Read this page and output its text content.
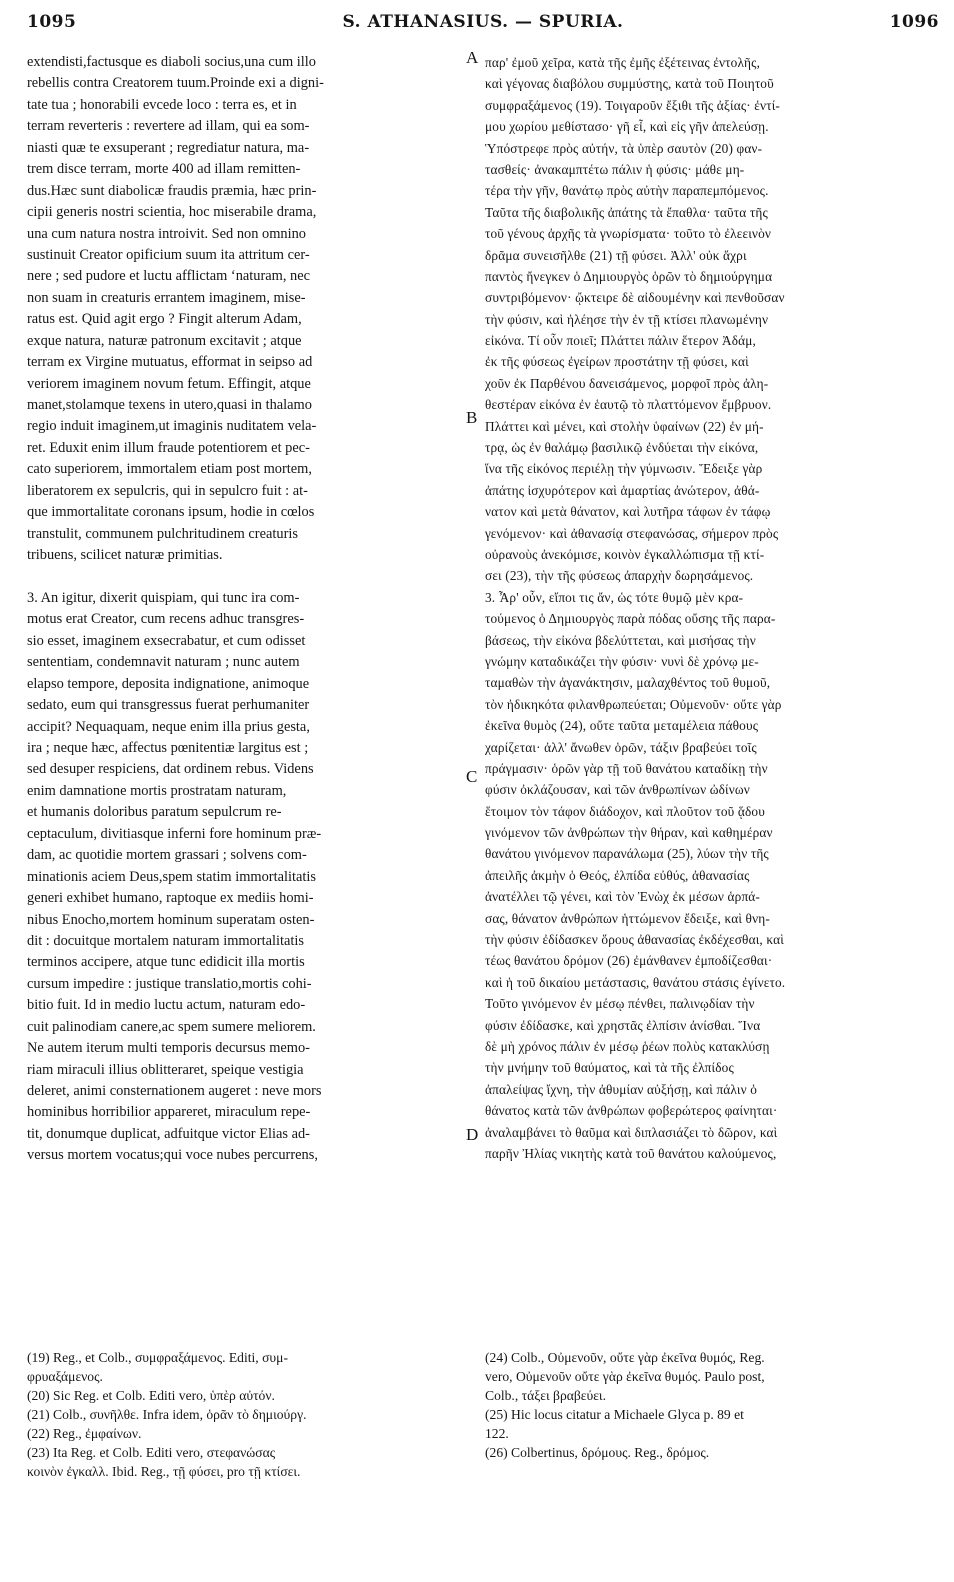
1095	S. ATHANASIUS. — SPURIA.	1096
extendisti,factusque es diaboli socius,una cum illo
rebellis contra Creatorem tuum.Proinde exi a digni-
tate tua ; honorabili evcede loco : terra es, et in
terram reverteris : revertere ad illam, qui ea som-
niasti quæ te exsuperant ; regrediatur natura, ma-
trem disce terram, morte 400 ad illam remitten-
dus.Hæc sunt diabolicæ fraudis præmia, hæc prin-
cipii generis nostri scientia, hoc miserabile drama,
una cum natura nostra introivit. Sed non omnino
sustinuit Creator opificium suum ita attritum cer-
nere ; sed pudore et luctu afflictam ʻnaturam, nec
non suam in creaturis errantem imaginem, mise-
ratus est. Quid agit ergo ? Fingit alterum Adam,
exque natura, naturæ patronum excitavit ; atque
terram ex Virgine mutuatus, efformat in seipso ad
veriorem imaginem novum fetum. Effingit, atque
manet,stolamque texens in utero,quasi in thalamo
regio induit imaginem,ut imaginis nuditatem vela-
ret. Eduxit enim illum fraude potentiorem et pec-
cato superiorem, immortalem etiam post mortem,
liberatorem ex sepulcris, qui in sepulcro fuit : at-
que immortalitate coronans ipsum, hodie in cœlos
transtulit, communem pulchritudinem creaturis
tribuens, scilicet naturæ primitias.
3. An igitur, dixerit quispiam, qui tunc ira com-
motus erat Creator, cum recens adhuc transgres-
sio esset, imaginem exsecrabatur, et cum odisset
sententiam, condemnavit naturam ; nunc autem
elapso tempore, deposita indignatione, animoque
sedato, eum qui transgressus fuerat perhumaniter
accipit? Nequaquam, neque enim illa prius gesta,
ira ; neque hæc, affectus pœnitentiæ largitus est ;
sed desuper respiciens, dat ordinem rebus. Videns
enim damnatione mortis prostratam naturam,
et humanis doloribus paratum sepulcrum re-
ceptaculum, divitiasque inferni fore hominum præ-
dam, ac quotidie mortem grassari ; solvens com-
minationis aciem Deus,spem statim immortalitatis
generi exhibet humano, raptoque ex mediis homi-
nibus Enocho,mortem hominum superatam osten-
dit : docuitque mortalem naturam immortalitatis
terminos accipere, atque tunc edidicit illa mortis
cursum impedire : justique translatio,mortis cohi-
bitio fuit. Id in medio luctu actum, naturam edo-
cuit palinodiam canere,ac spem sumere meliorem.
Ne autem iterum multi temporis decursus memo-
riam miraculi illius oblitteraret, speique vestigia
deleret, animi consternationem augeret : neve mors
hominibus horribilior appareret, miraculum repe-
tit, donumque duplicat, adfuitque victor Elias ad-
versus mortem vocatus;qui voce nubes percurrens,
παρ' ἐμοῦ χεῖρα, κατὰ τῆς ἐμῆς ἐξέτεινας ἐντολῆς,
καὶ γέγονας διαβόλου συμμύστης, κατὰ τοῦ Ποιητοῦ
συμφραξάμενος (19). Τοιγαροῦν ἔξιθι τῆς ἀξίας· ἐντί-
μου χωρίου μεθίστασο· γῆ εἶ, καὶ εἰς γῆν ἀπελεύσῃ.
Ὑπόστρεφε πρὸς αὐτήν, τὰ ὑπὲρ σαυτὸν (20) φαν-
τασθείς· ἀνακαμπτέτω πάλιν ἡ φύσις· μάθε μη-
τέρα τὴν γῆν, θανάτῳ πρὸς αὐτὴν παραπεμπόμενος.
Ταῦτα τῆς διαβολικῆς ἀπάτης τὰ ἔπαθλα· ταῦτα τῆς
τοῦ γένους ἀρχῆς τὰ γνωρίσματα· τοῦτο τὸ ἐλεεινὸν
δρᾶμα συνεισῆλθε (21) τῇ φύσει. Ἀλλ' οὐκ ἄχρι
παντὸς ἤνεγκεν ὁ Δημιουργὸς ὁρῶν τὸ δημιούργημα
συντριβόμενον· ᾤκτειρε δὲ αἰδουμένην καὶ πενθοῦσαν
τὴν φύσιν, καὶ ἠλέησε τὴν ἐν τῇ κτίσει πλανωμένην
εἰκόνα. Τί οὖν ποιεῖ; Πλάττει πάλιν ἕτερον Ἀδάμ,
ἐκ τῆς φύσεως ἐγείρων προστάτην τῇ φύσει, καὶ
χοῦν ἐκ Παρθένου δανεισάμενος, μορφοῖ πρὸς ἀλη-
θεστέραν εἰκόνα ἐν ἑαυτῷ τὸ πλαττόμενον ἔμβρυον.
Πλάττει καὶ μένει, καὶ στολὴν ὑφαίνων (22) ἐν μή-
τρᾳ, ὡς ἐν θαλάμῳ βασιλικῷ ἐνδύεται τὴν εἰκόνα,
ἵνα τῆς εἰκόνος περιέλῃ τὴν γύμνωσιν. Ἔδειξε γὰρ
ἀπάτης ἰσχυρότερον καὶ ἁμαρτίας ἀνώτερον, ἀθά-
νατον καὶ μετὰ θάνατον, καὶ λυτῆρα τάφων ἐν τάφῳ
γενόμενον· καὶ ἀθανασίᾳ στεφανώσας, σήμερον πρὸς
οὐρανοὺς ἀνεκόμισε, κοινὸν ἐγκαλλώπισμα τῇ κτί-
σει (23), τὴν τῆς φύσεως ἀπαρχὴν δωρησάμενος.
3. Ἆρ' οὖν, εἴποι τις ἄν, ὡς τότε θυμῷ μὲν κρα-
τούμενος ὁ Δημιουργὸς παρὰ πόδας οὔσης τῆς παρα-
βάσεως, τὴν εἰκόνα βδελύττεται, καὶ μισήσας τὴν
γνώμην καταδικάζει τὴν φύσιν· νυνὶ δὲ χρόνῳ με-
ταμαθὼν τὴν ἀγανάκτησιν, μαλαχθέντος τοῦ θυμοῦ,
τὸν ἠδικηκότα φιλανθρωπεύεται; Οὐμενοῦν· οὔτε γὰρ
ἐκεῖνα θυμὸς (24), οὔτε ταῦτα μεταμέλεια πάθους
χαρίζεται· ἀλλ' ἄνωθεν ὁρῶν, τάξιν βραβεύει τοῖς
πράγμασιν· ὁρῶν γὰρ τῇ τοῦ θανάτου καταδίκῃ τὴν
φύσιν ὀκλάζουσαν, καὶ τῶν ἀνθρωπίνων ὠδίνων
ἕτοιμον τὸν τάφον διάδοχον, καὶ πλοῦτον τοῦ ᾅδου
γινόμενον τῶν ἀνθρώπων τὴν θήραν, καὶ καθημέραν
θανάτου γινόμενον παρανάλωμα (25), λύων τὴν τῆς
ἀπειλῆς ἀκμὴν ὁ Θεός, ἐλπίδα εὐθύς, ἀθανασίας
ἀνατέλλει τῷ γένει, καὶ τὸν Ἐνὼχ ἐκ μέσων ἁρπά-
σας, θάνατον ἀνθρώπων ἡττώμενον ἔδειξε, καὶ θνη-
τὴν φύσιν ἐδίδασκεν ὅρους ἀθανασίας ἐκδέχεσθαι, καὶ
τέως θανάτου δρόμον (26) ἐμάνθανεν ἐμποδίζεσθαι·
καὶ ἡ τοῦ δικαίου μετάστασις, θανάτου στάσις ἐγίνετο.
Τοῦτο γινόμενον ἐν μέσῳ πένθει, παλινῳδίαν τὴν
φύσιν ἐδίδασκε, καὶ χρηστᾶς ἐλπίσιν ἀνίσθαι. Ἵνα
δὲ μὴ χρόνος πάλιν ἐν μέσῳ ῥέων πολὺς κατακλύσῃ
τὴν μνήμην τοῦ θαύματος, καὶ τὰ τῆς ἐλπίδος
ἀπαλείψας ἴχνη, τὴν ἀθυμίαν αὐξήσῃ, καὶ πάλιν ὁ
θάνατος κατὰ τῶν ἀνθρώπων φοβερώτερος φαίνηται·
ἀναλαμβάνει τὸ θαῦμα καὶ διπλασιάζει τὸ δῶρον, καὶ
παρῆν Ἠλίας νικητὴς κατὰ τοῦ θανάτου καλούμενος,
A
B
C
D
(19) Reg., et Colb., συμφραξάμενος. Editi, συμ-
φρυαξάμενος.
(20) Sic Reg. et Colb. Editi vero, ὑπὲρ αὐτόν.
(21) Colb., συνῆλθε. Infra idem, ὁρᾶν τὸ δημιούργ.
(22) Reg., ἐμφαίνων.
(23) Ita Reg. et Colb. Editi vero, στεφανώσας
κοινὸν ἐγκαλλ. Ibid. Reg., τῇ φύσει, pro τῇ κτίσει.
(24) Colb., Οὐμενοῦν, οὔτε γὰρ ἐκεῖνα θυμός, Reg.
vero, Οὐμενοῦν οὔτε γὰρ ἐκεῖνα θυμός. Paulo post,
Colb., τάξει βραβεύει.
(25) Hic locus citatur a Michaele Glyca p. 89 et
122.
(26) Colbertinus, δρόμους. Reg., δρόμος.
